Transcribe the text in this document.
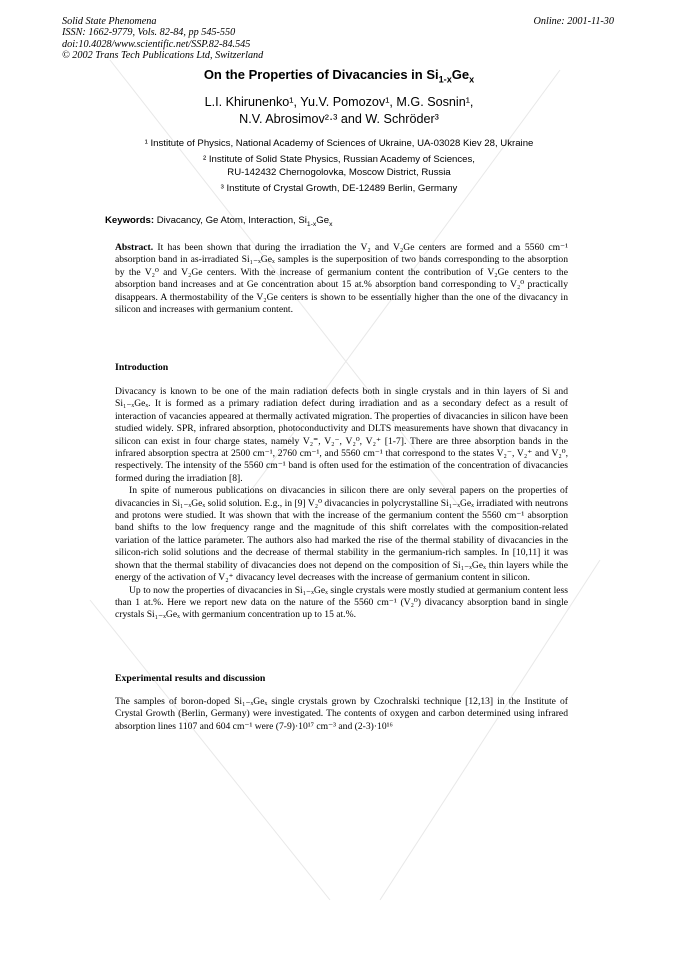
Solid State Phenomena
ISSN: 1662-9779, Vols. 82-84, pp 545-550
doi:10.4028/www.scientific.net/SSP.82-84.545
© 2002 Trans Tech Publications Ltd, Switzerland
Online: 2001-11-30
On the Properties of Divacancies in $Si_{1-x}Ge_x$
L.I. Khirunenko¹, Yu.V. Pomozov¹, M.G. Sosnin¹,
N.V. Abrosimov²·³ and W. Schröder³
¹ Institute of Physics, National Academy of Sciences of Ukraine, UA-03028 Kiev 28, Ukraine
² Institute of Solid State Physics, Russian Academy of Sciences,
RU-142432 Chernogolovka, Moscow District, Russia
³ Institute of Crystal Growth, DE-12489 Berlin, Germany
Keywords: Divacancy, Ge Atom, Interaction, $Si_{1-x}Ge_x$
Abstract. It has been shown that during the irradiation the V₂ and V₂Ge centers are formed and a 5560 cm⁻¹ absorption band in as-irradiated Si₁₋ₓGeₓ samples is the superposition of two bands corresponding to the absorption by the V₂⁰ and V₂Ge centers. With the increase of germanium content the contribution of V₂Ge centers to the absorption band increases and at Ge concentration about 15 at.% absorption band corresponding to V₂⁰ practically disappears. A thermostability of the V₂Ge centers is shown to be essentially higher than the one of the divacancy in silicon and increases with germanium content.
Introduction

Divacancy is known to be one of the main radiation defects both in single crystals and in thin layers of Si and Si₁₋ₓGeₓ. It is formed as a primary radiation defect during irradiation and as a secondary defect as a result of interaction of vacancies appeared at thermally activated migration. The properties of divacancies in silicon have been studied widely. SPR, infrared absorption, photoconductivity and DLTS measurements have shown that divacancy in silicon can exist in four charge states, namely V₂⁼, V₂⁻, V₂⁰, V₂⁺ [1-7]. There are three absorption bands in the infrared absorption spectra at 2500 cm⁻¹, 2760 cm⁻¹, and 5560 cm⁻¹ that correspond to the states V₂⁻, V₂⁺ and V₂⁰, respectively. The intensity of the 5560 cm⁻¹ band is often used for the estimation of the concentration of divacancies formed during the irradiation [8].

In spite of numerous publications on divacancies in silicon there are only several papers on the properties of divacancies in Si₁₋ₓGeₓ solid solution. E.g., in [9] V₂⁰ divacancies in polycrystalline Si₁₋ₓGeₓ irradiated with neutrons and protons were studied. It was shown that with the increase of the germanium content the 5560 cm⁻¹ absorption band shifts to the low frequency range and the magnitude of this shift correlates with the composition-related variation of the lattice parameter. The authors also had marked the rise of the thermal stability of divacancies in the silicon-rich solid solutions and the decrease of thermal stability in the germanium-rich samples. In [10,11] it was shown that the thermal stability of divacancies does not depend on the composition of Si₁₋ₓGeₓ thin layers while the energy of the activation of V₂⁺ divacancy level decreases with the increase of germanium content in silicon.

Up to now the properties of divacancies in Si₁₋ₓGeₓ single crystals were mostly studied at germanium content less than 1 at.%. Here we report new data on the nature of the 5560 cm⁻¹ (V₂⁰) divacancy absorption band in single crystals Si₁₋ₓGeₓ with germanium concentration up to 15 at.%.

Experimental results and discussion

The samples of boron-doped Si₁₋ₓGeₓ single crystals grown by Czochralski technique [12,13] in the Institute of Crystal Growth (Berlin, Germany) were investigated. The contents of oxygen and carbon determined using infrared absorption lines 1107 and 604 cm⁻¹ were (7-9)·10¹⁷ cm⁻³ and (2-3)·10¹⁶
